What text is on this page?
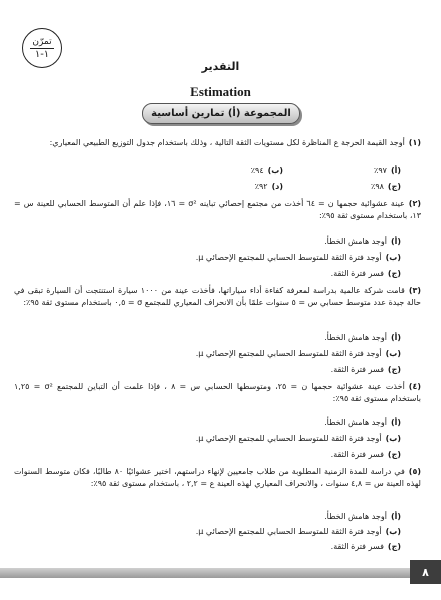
تمرّن
١-١
التقدير
Estimation
المجموعة (أ) تمارين أساسية
(١)أوجد القيمة الحرجة ع المناظرة لكل مستويات الثقة التالية ، وذلك باستخدام جدول التوزيع الطبيعي المعياري:
(أ)٩٧٪
(ب)٩٤٪
(ج)٩٨٪
(د)٩٢٪
(٢)عينة عشوائية حجمها ن = ٦٤ أخذت من مجتمع إحصائي تباينه σ² = ١٦، فإذا علم أن المتوسط الحسابي للعينة س = ١٣، باستخدام مستوى ثقة ٩٥٪:
(أ)أوجد هامش الخطأ.
(ب)أوجد فترة الثقة للمتوسط الحسابي للمجتمع الإحصائي μ.
(ج)فسر فترة الثقة.
(٣)قامت شركة عالمية بدراسة لمعرفة كفاءة أداء سياراتها، فأخذت عينة من ١٠٠٠ سيارة استنتجت أن السيارة تبقى في حالة جيدة عدد متوسط حسابي س = ٥ سنوات علمًا بأن الانحراف المعياري للمجتمع σ = ٠,٥ باستخدام مستوى ثقة ٩٥٪:
(أ)أوجد هامش الخطأ.
(ب)أوجد فترة الثقة للمتوسط الحسابي للمجتمع الإحصائي μ.
(ج)فسر فترة الثقة.
(٤)أخذت عينة عشوائية حجمها ن = ٢٥، ومتوسطها الحسابي س = ٨ ، فإذا علمت أن التباين للمجتمع σ² = ١,٢٥ باستخدام مستوى ثقة ٩٥٪:
(أ)أوجد هامش الخطأ.
(ب)أوجد فترة الثقة للمتوسط الحسابي للمجتمع الإحصائي μ.
(ج)فسر فترة الثقة.
(٥)في دراسة للمدة الزمنية المطلوبة من طلاب جامعيين لإنهاء دراستهم، اختير عشوائيًا ٨٠ طالبًا، فكان متوسط السنوات لهذه العينة س = ٤,٨ سنوات ، والانحراف المعياري لهذه العينة ع = ٢,٢ ، باستخدام مستوى ثقة ٩٥٪:
(أ)أوجد هامش الخطأ.
(ب)أوجد فترة الثقة للمتوسط الحسابي للمجتمع الإحصائي μ.
(ج)فسر فترة الثقة.
٨
